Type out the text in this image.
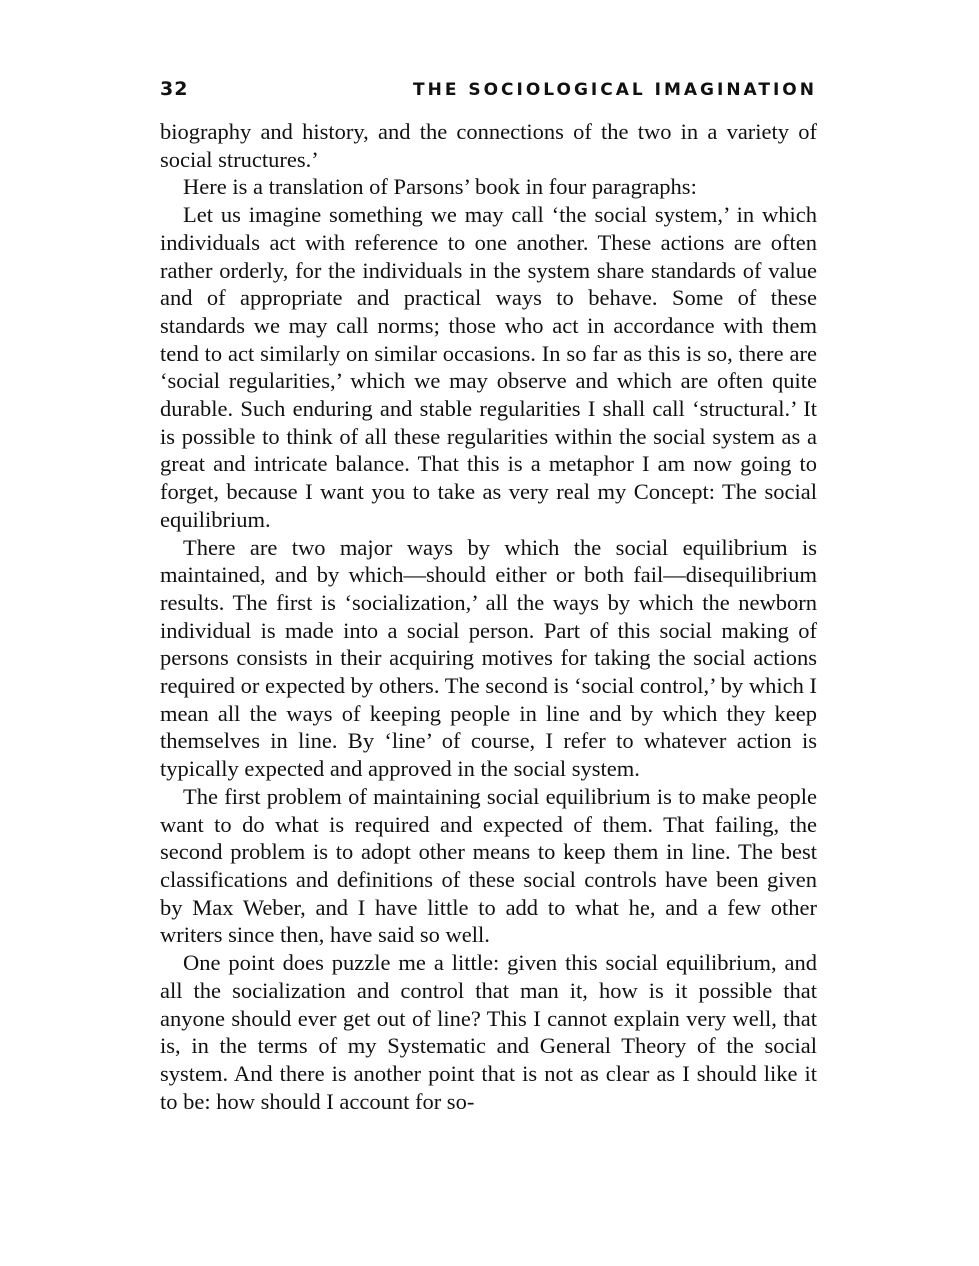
32	THE SOCIOLOGICAL IMAGINATION

biography and history, and the connections of the two in a variety of social structures.’

Here is a translation of Parsons’ book in four paragraphs:

Let us imagine something we may call ‘the social system,’ in which individuals act with reference to one another. These actions are often rather orderly, for the individuals in the system share standards of value and of appropriate and practical ways to behave. Some of these standards we may call norms; those who act in accordance with them tend to act similarly on similar occasions. In so far as this is so, there are ‘social regularities,’ which we may observe and which are often quite durable. Such enduring and stable regularities I shall call ‘structural.’ It is possible to think of all these regularities within the social system as a great and intricate balance. That this is a metaphor I am now going to forget, because I want you to take as very real my Concept: The social equilibrium.

There are two major ways by which the social equilibrium is maintained, and by which—should either or both fail—disequilibrium results. The first is ‘socialization,’ all the ways by which the newborn individual is made into a social person. Part of this social making of persons consists in their acquiring motives for taking the social actions required or expected by others. The second is ‘social control,’ by which I mean all the ways of keeping people in line and by which they keep themselves in line. By ‘line’ of course, I refer to whatever action is typically expected and approved in the social system.

The first problem of maintaining social equilibrium is to make people want to do what is required and expected of them. That failing, the second problem is to adopt other means to keep them in line. The best classifications and definitions of these social controls have been given by Max Weber, and I have little to add to what he, and a few other writers since then, have said so well.

One point does puzzle me a little: given this social equilibrium, and all the socialization and control that man it, how is it possible that anyone should ever get out of line? This I cannot explain very well, that is, in the terms of my Systematic and General Theory of the social system. And there is another point that is not as clear as I should like it to be: how should I account for so-
